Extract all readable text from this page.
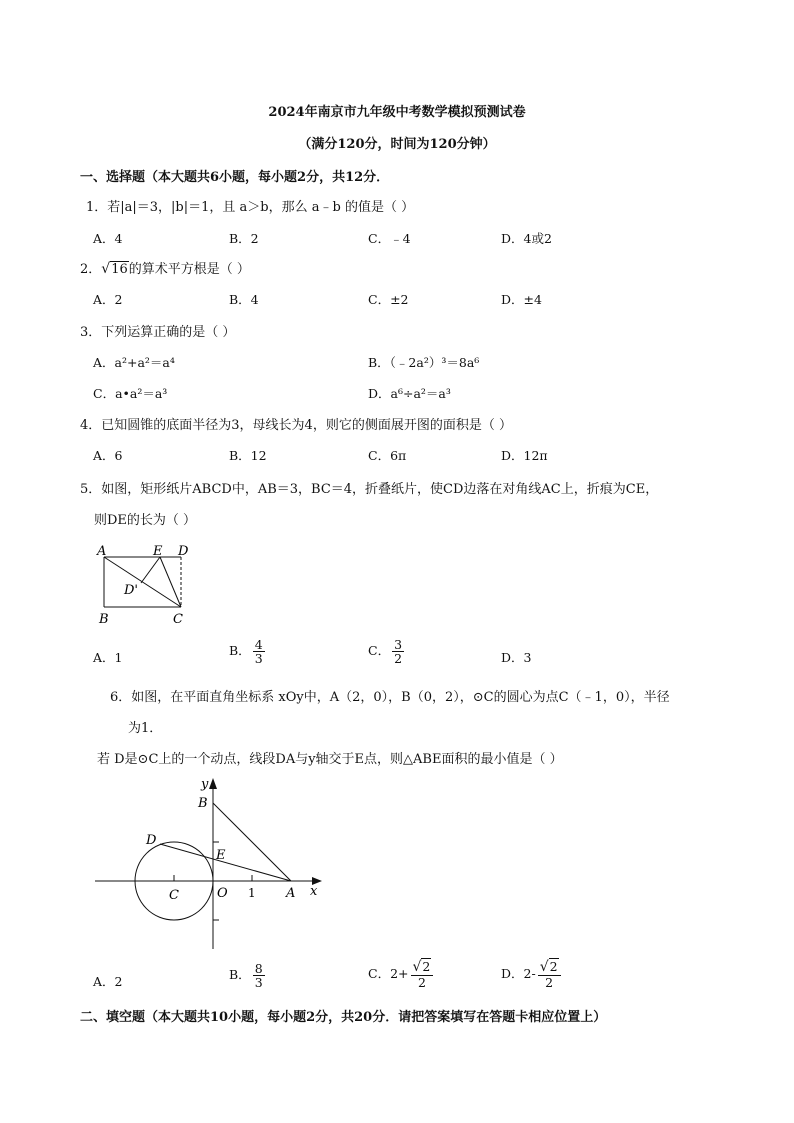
2024年南京市九年级中考数学模拟预测试卷
（满分120分，时间为120分钟）
一、选择题（本大题共6小题，每小题2分，共12分．
1．若|a|＝3，|b|＝1，且 a＞b，那么 a﹣b 的值是（ ）
A．4	B．2	C．﹣4	D．4或2
2．√16的算术平方根是（ ）
A．2	B．4	C．±2	D．±4
3．下列运算正确的是（ ）
A．a²+a²＝a⁴	B．（﹣2a²）³＝8a⁶
C．a•a²＝a³	D．a⁶÷a²＝a³
4．已知圆锥的底面半径为3，母线长为4，则它的侧面展开图的面积是（ ）
A．6	B．12	C．6π	D．12π
5．如图，矩形纸片ABCD中，AB＝3，BC＝4，折叠纸片，使CD边落在对角线AC上，折痕为CE，
则DE的长为（ ）
A	E D
D'
B	C
A．1	B． $\frac{4}{3}$	C． $\frac{3}{2}$	D．3
6．如图，在平面直角坐标系 xOy中，A（2，0），B（0，2），⊙C的圆心为点C（﹣1，0），半径
为1．
若 D是⊙C上的一个动点，线段DA与y轴交于E点，则△ABE面积的最小值是（ ）
y
B
D
E
C	O 1 A x
A．2	B． $\frac{8}{3}$	C．$2+ \frac{√2}{2}$	D．$2- \frac{√2}{2}$
二、填空题（本大题共10小题，每小题2分，共20分．请把答案填写在答题卡相应位置上）
